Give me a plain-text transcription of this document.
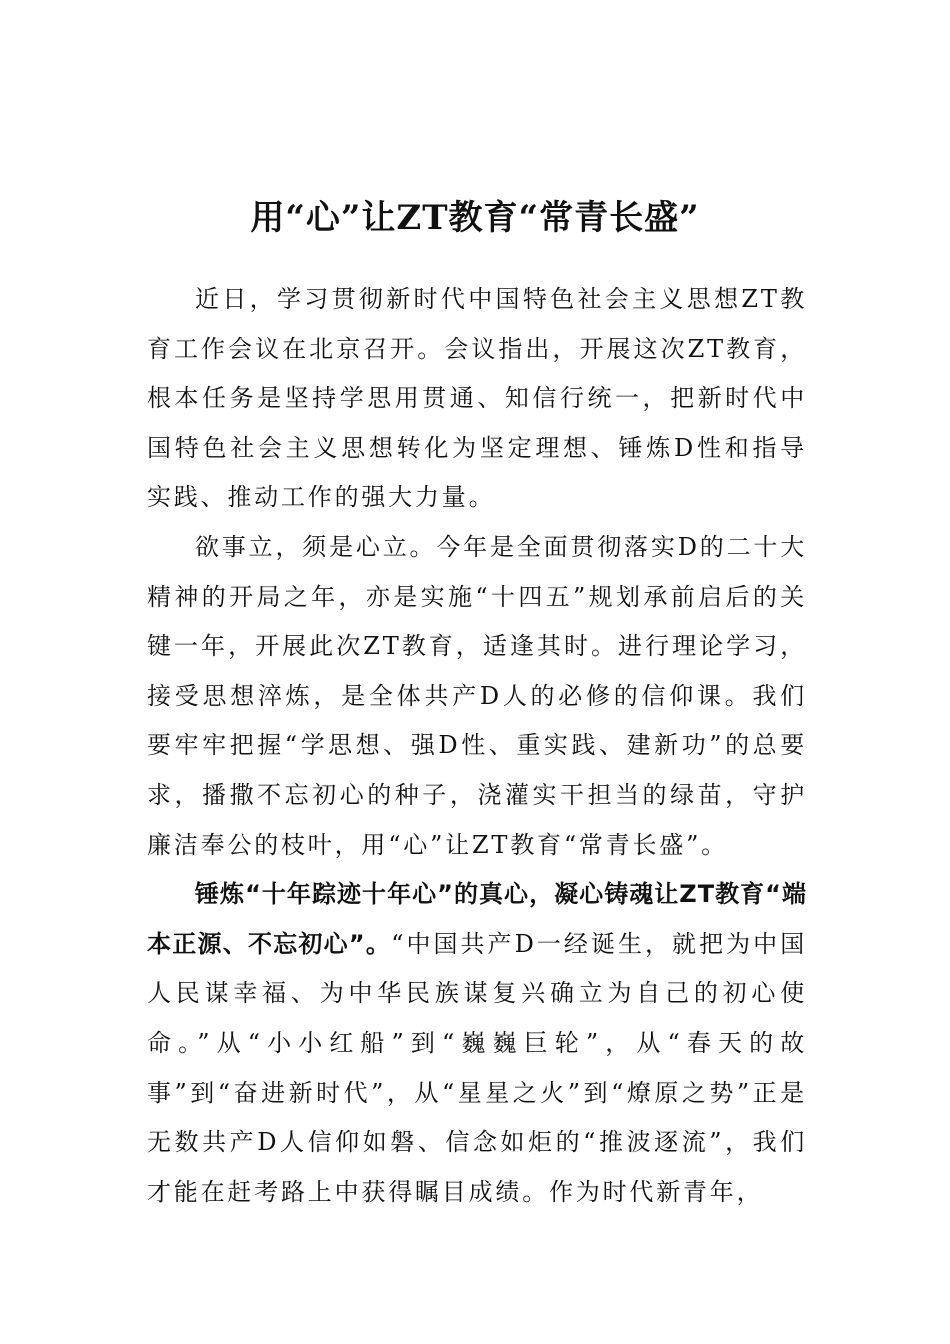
用“心”让ZT教育“常青长盛”

近日，学习贯彻新时代中国特色社会主义思想ZT教育工作会议在北京召开。会议指出，开展这次ZT教育，根本任务是坚持学思用贯通、知信行统一，把新时代中国特色社会主义思想转化为坚定理想、锤炼D性和指导实践、推动工作的强大力量。

欲事立，须是心立。今年是全面贯彻落实D的二十大精神的开局之年，亦是实施“十四五”规划承前启后的关键一年，开展此次ZT教育，适逢其时。进行理论学习，接受思想淬炼，是全体共产D人的必修的信仰课。我们要牢牢把握“学思想、强D性、重实践、建新功”的总要求，播撒不忘初心的种子，浇灌实干担当的绿苗，守护廉洁奉公的枝叶，用“心”让ZT教育“常青长盛”。

锤炼“十年踪迹十年心”的真心，凝心铸魂让ZT教育“端本正源、不忘初心”。“中国共产D一经诞生，就把为中国人民谋幸福、为中华民族谋复兴确立为自己的初心使命。”从“小小红船”到“巍巍巨轮”，从“春天的故事”到“奋进新时代”，从“星星之火”到“燎原之势”正是无数共产D人信仰如磐、信念如炬的“推波逐流”，我们才能在赶考路上中获得瞩目成绩。作为时代新青年，
